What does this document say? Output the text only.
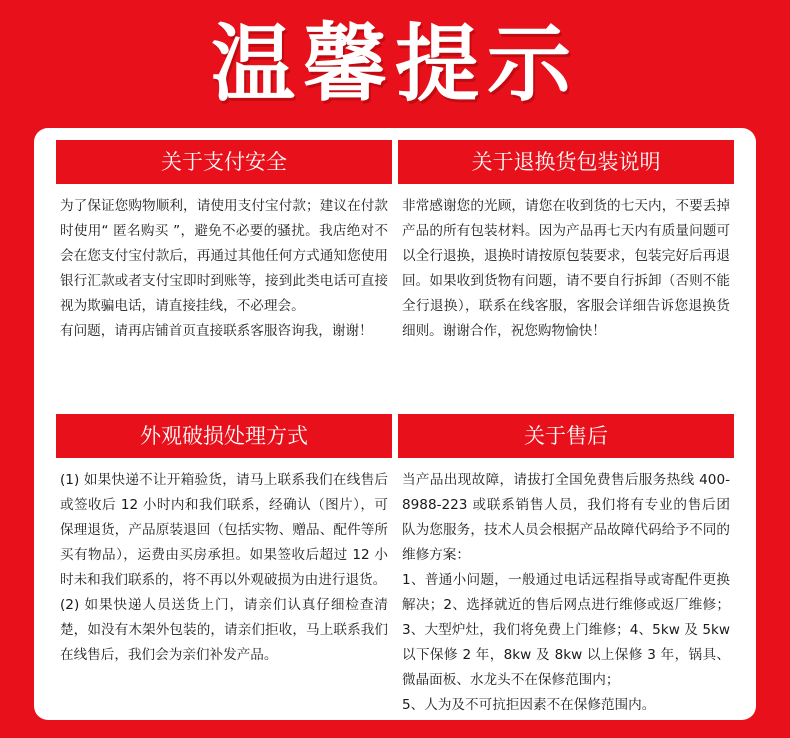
温馨提示
关于支付安全

为了保证您购物顺利，请使用支付宝付款；建议在付款时使用“ 匿名购买 ”，避免不必要的骚扰。我店绝对不会在您支付宝付款后，再通过其他任何方式通知您使用银行汇款或者支付宝即时到账等，接到此类电话可直接视为欺骗电话，请直接挂线，不必理会。

有问题，请再店铺首页直接联系客服咨询我，谢谢！

关于退换货包装说明

非常感谢您的光顾，请您在收到货的七天内，不要丢掉产品的所有包装材料。因为产品再七天内有质量问题可以全行退换，退换时请按原包装要求，包装完好后再退回。如果收到货物有问题，请不要自行拆卸（否则不能全行退换），联系在线客服，客服会详细告诉您退换货细则。谢谢合作，祝您购物愉快！

外观破损处理方式

(1) 如果快递不让开箱验货，请马上联系我们在线售后或签收后 12 小时内和我们联系，经确认（图片），可保理退货，产品原装退回（包括实物、赠品、配件等所买有物品），运费由买房承担。如果签收后超过 12 小时未和我们联系的，将不再以外观破损为由进行退货。

(2) 如果快递人员送货上门，请亲们认真仔细检查清楚，如没有木架外包装的，请亲们拒收，马上联系我们在线售后，我们会为亲们补发产品。

关于售后

当产品出现故障，请拔打全国免费售后服务热线 400-8988-223 或联系销售人员，我们将有专业的售后团队为您服务，技术人员会根据产品故障代码给予不同的维修方案：

1、普通小问题，一般通过电话远程指导或寄配件更换解决；2、选择就近的售后网点进行维修或返厂维修；3、大型炉灶，我们将免费上门维修；4、5kw 及 5kw 以下保修 2 年，8kw 及 8kw 以上保修 3 年，锅具、微晶面板、水龙头不在保修范围内；

5、人为及不可抗拒因素不在保修范围内。
